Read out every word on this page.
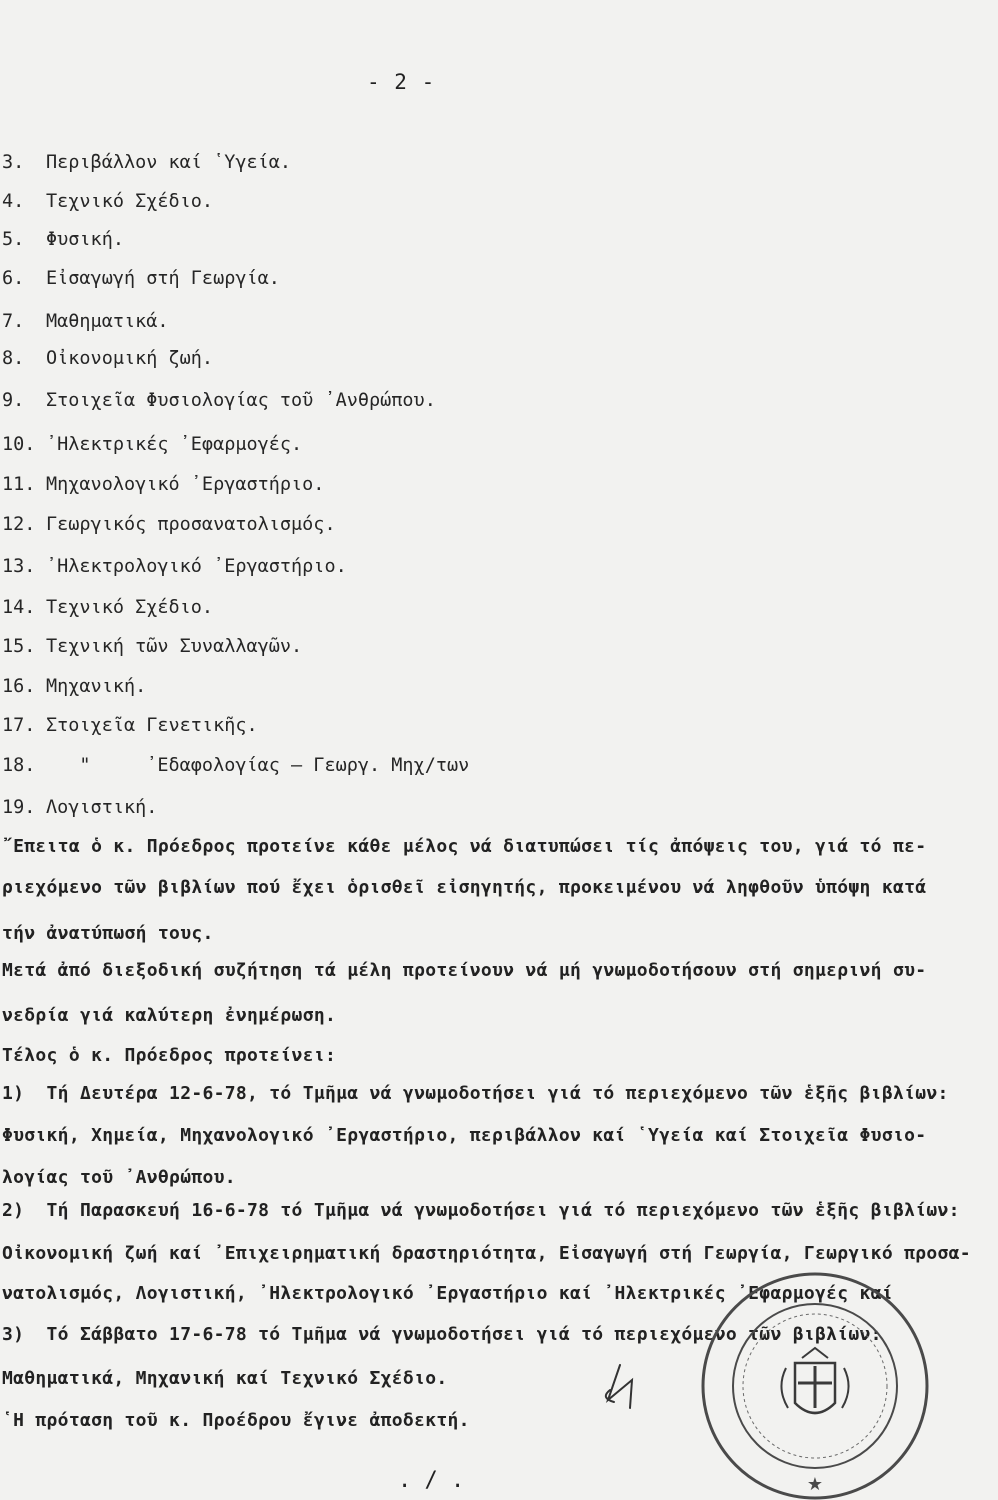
- 2 -
3. Περιβάλλον καί ῾Υγεία.
4. Τεχνικό Σχέδιο.
5. Φυσική.
6. Εἰσαγωγή στή Γεωργία.
7. Μαθηματικά.
8. Οἰκονομική ζωή.
9. Στοιχεῖα Φυσιολογίας τοῦ ᾿Ανθρώπου.
10. ᾿Ηλεκτρικές ᾿Εφαρμογές.
11. Μηχανολογικό ᾿Εργαστήριο.
12. Γεωργικός προσανατολισμός.
13. ᾿Ηλεκτρολογικό ᾿Εργαστήριο.
14. Τεχνικό Σχέδιο.
15. Τεχνική τῶν Συναλλαγῶν.
16. Μηχανική.
17. Στοιχεῖα Γενετικῆς.
18.   "     ᾿Εδαφολογίας – Γεωργ. Μηχ/των
19. Λογιστική.
῎Επειτα ὁ κ. Πρόεδρος προτείνε κάθε μέλος νά διατυπώσει τίς ἀπόψεις του, γιά τό πε-
ριεχόμενο τῶν βιβλίων πού ἔχει ὁρισθεῖ εἰσηγητής, προκειμένου νά ληφθοῦν ὑπόψη κατά
τήν ἀνατύπωσή τους.
Μετά ἀπό διεξοδική συζήτηση τά μέλη προτείνουν νά μή γνωμοδοτήσουν στή σημερινή συ-
νεδρία γιά καλύτερη ἐνημέρωση.
Τέλος ὁ κ. Πρόεδρος προτείνει:
1)  Τή Δευτέρα 12-6-78, τό Τμῆμα νά γνωμοδοτήσει γιά τό περιεχόμενο τῶν ἑξῆς βιβλίων:
Φυσική, Χημεία, Μηχανολογικό ᾿Εργαστήριο, περιβάλλον καί ῾Υγεία καί Στοιχεῖα Φυσιο-
λογίας τοῦ ᾿Ανθρώπου.
2)  Τή Παρασκευή 16-6-78 τό Τμῆμα νά γνωμοδοτήσει γιά τό περιεχόμενο τῶν ἑξῆς βιβλίων:
Οἰκονομική ζωή καί ᾿Επιχειρηματική δραστηριότητα, Εἰσαγωγή στή Γεωργία, Γεωργικό προσα-
νατολισμός, Λογιστική, ᾿Ηλεκτρολογικό ᾿Εργαστήριο καί ᾿Ηλεκτρικές ᾿Εφαρμογές καί
3)  Τό Σάββατο 17-6-78 τό Τμῆμα νά γνωμοδοτήσει γιά τό περιεχόμενο τῶν βιβλίων:
Μαθηματικά, Μηχανική καί Τεχνικό Σχέδιο.
῾Η πρόταση τοῦ κ. Προέδρου ἔγινε ἀποδεκτή.
★
. / .
